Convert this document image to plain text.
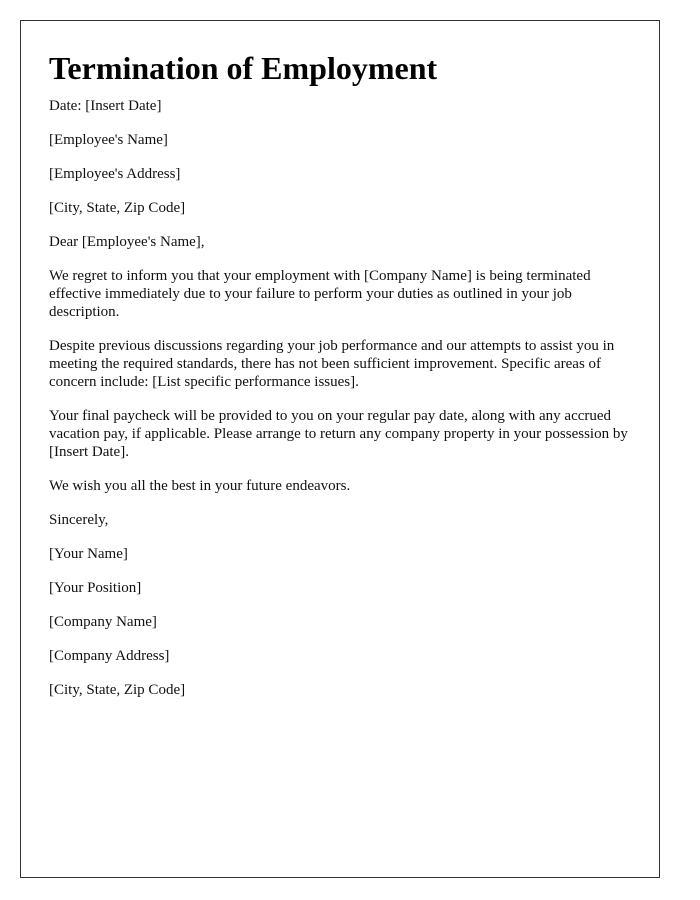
Termination of Employment

Date: [Insert Date]

[Employee's Name]

[Employee's Address]

[City, State, Zip Code]

Dear [Employee's Name],

We regret to inform you that your employment with [Company Name] is being terminated effective immediately due to your failure to perform your duties as outlined in your job description.

Despite previous discussions regarding your job performance and our attempts to assist you in meeting the required standards, there has not been sufficient improvement. Specific areas of concern include: [List specific performance issues].

Your final paycheck will be provided to you on your regular pay date, along with any accrued vacation pay, if applicable. Please arrange to return any company property in your possession by [Insert Date].

We wish you all the best in your future endeavors.

Sincerely,

[Your Name]

[Your Position]

[Company Name]

[Company Address]

[City, State, Zip Code]
